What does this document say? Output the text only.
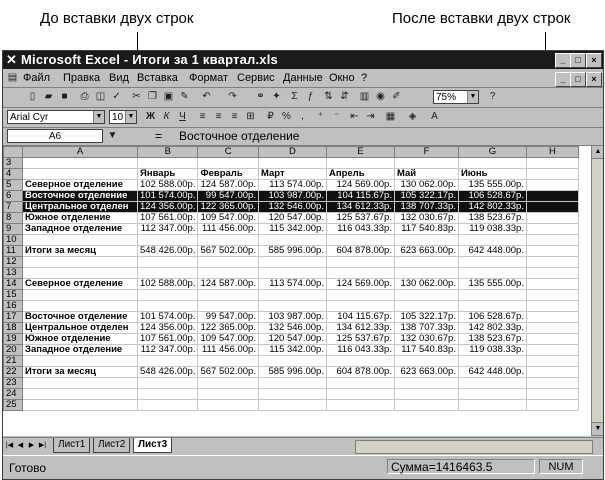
До вставки двух строк	После вставки двух строк
✕ Microsoft Excel - Итоги за 1 квартал.xls	_	□	×
▤ Файл Правка Вид Вставка Формат Сервис Данные Окно ?	_	□	×
▯ ▰ ■	⎙ ◫ ✓	✂ ❐ ▣ ✎	↶	↷	⚭ ✦	Σ	ƒ	⇅ ⇵	▥ ◉ ✐	75%	▼	?
Arial Cyr	▼ 10 ▼ Ж К Ч	≡	≡	≡ ⊞	₽ %	,	⁺	⁻	⇤ ⇥	▦	◈	A
A6	▼	= Восточное отделение
	A	B	C	D	E	F	G	H
3								
4		Январь	Февраль	Март	Апрель	Май	Июнь	
5	Северное отделение	102 588.00р.	124 587.00р.	113 574.00р.	124 569.00р.	130 062.00р.	135 555.00р.	
6	Восточное отделение	101 574.00р.	99 547.00р.	103 987.00р.	104 115.67р.	105 322.17р.	106 528.67р.	
7	Центральное отделен	124 356.00р.	122 365.00р.	132 546.00р.	134 612.33р.	138 707.33р.	142 802.33р.	
8	Южное отделение	107 561.00р.	109 547.00р.	120 547.00р.	125 537.67р.	132 030.67р.	138 523.67р.	
9	Западное отделение	112 347.00р.	111 456.00р.	115 342.00р.	116 043.33р.	117 540.83р.	119 038.33р.	
10								
11	Итоги за месяц	548 426.00р.	567 502.00р.	585 996.00р.	604 878.00р.	623 663.00р.	642 448.00р.	
12								
13								
14	Северное отделение	102 588.00р.	124 587.00р.	113 574.00р.	124 569.00р.	130 062.00р.	135 555.00р.	
15								
16								
17	Восточное отделение	101 574.00р.	99 547.00р.	103 987.00р.	104 115.67р.	105 322.17р.	106 528.67р.	
18	Центральное отделен	124 356.00р.	122 365.00р.	132 546.00р.	134 612.33р.	138 707.33р.	142 802.33р.	
19	Южное отделение	107 561.00р.	109 547.00р.	120 547.00р.	125 537.67р.	132 030.67р.	138 523.67р.	
20	Западное отделение	112 347.00р.	111 456.00р.	115 342.00р.	116 043.33р.	117 540.83р.	119 038.33р.	
21								
22	Итоги за месяц	548 426.00р.	567 502.00р.	585 996.00р.	604 878.00р.	623 663.00р.	642 448.00р.	
23								
24								
25								
▲
▼
|◀ ◀ ▶ ▶|	Лист1	Лист2	Лист3
Готово	Сумма=1416463.5	NUM
